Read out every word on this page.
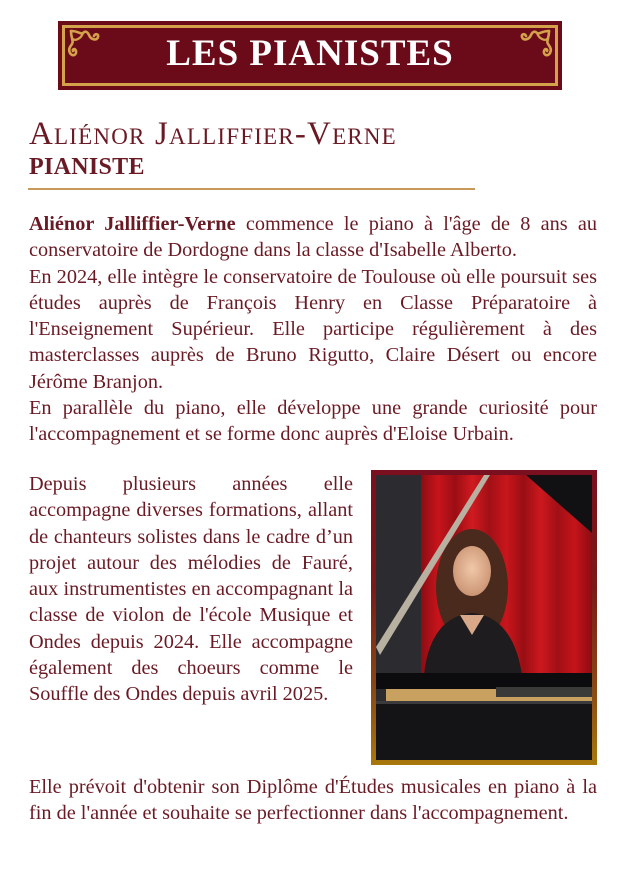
LES PIANISTES
Aliénor Jalliffier-Verne
PIANISTE

Aliénor Jalliffier-Verne commence le piano à l'âge de 8 ans au conservatoire de Dordogne dans la classe d'Isabelle Alberto.
En 2024, elle intègre le conservatoire de Toulouse où elle poursuit ses études auprès de François Henry en Classe Préparatoire à l'Enseignement Supérieur. Elle participe régulièrement à des masterclasses auprès de Bruno Rigutto, Claire Désert ou encore Jérôme Branjon.
En parallèle du piano, elle développe une grande curiosité pour l'accompagnement et se forme donc auprès d'Eloise Urbain.

Depuis plusieurs années elle accompagne diverses formations, allant de chanteurs solistes dans le cadre d’un projet autour des mélodies de Fauré, aux instrumentistes en accompagnant la classe de violon de l'école Musique et Ondes depuis 2024. Elle accompagne également des choeurs comme le Souffle des Ondes depuis avril 2025.

Elle prévoit d'obtenir son Diplôme d'Études musicales en piano à la fin de l'année et souhaite se perfectionner dans l'accompagnement.
